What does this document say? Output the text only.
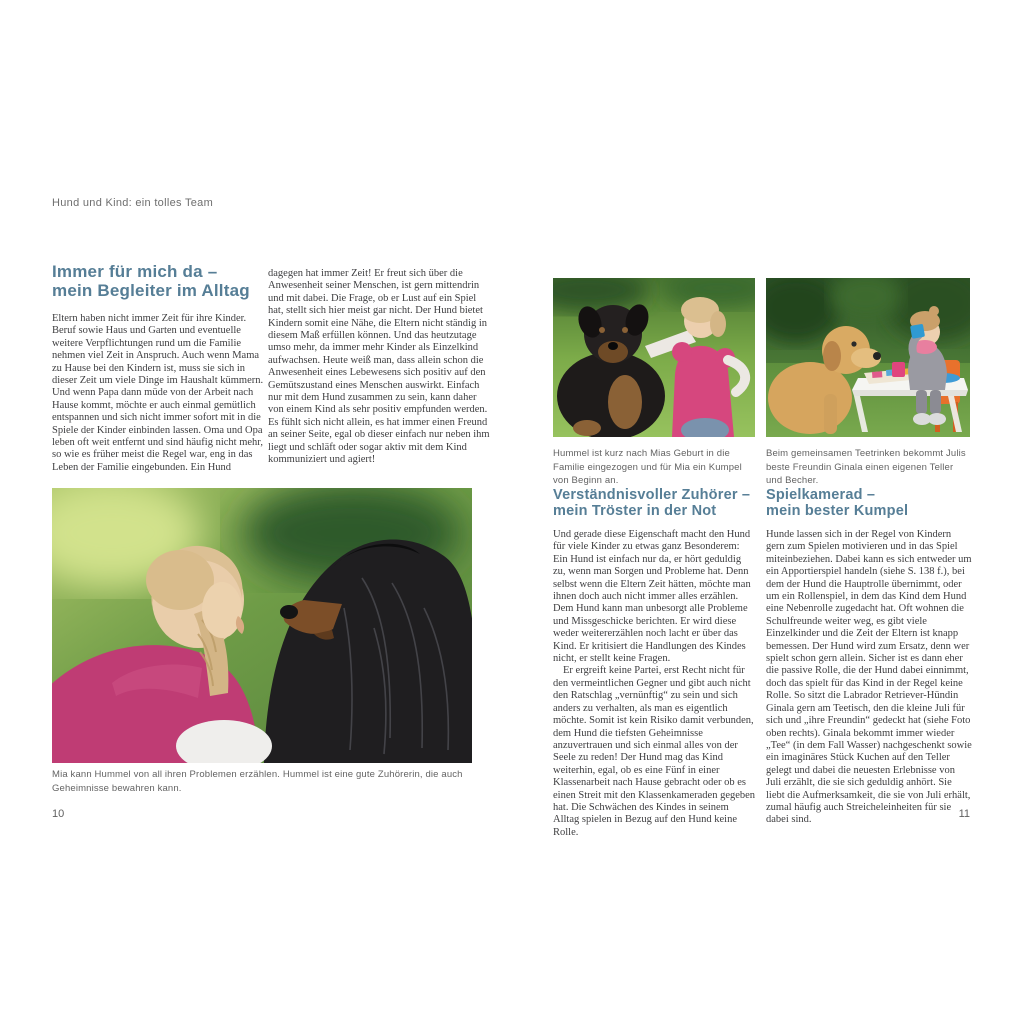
Hund und Kind: ein tolles Team
Immer für mich da –
mein Begleiter im Alltag
Eltern haben nicht immer Zeit für ihre Kinder. Beruf sowie Haus und Garten und eventuelle weitere Verpflichtungen rund um die Familie nehmen viel Zeit in Anspruch. Auch wenn Mama zu Hause bei den Kindern ist, muss sie sich in dieser Zeit um viele Dinge im Haushalt kümmern. Und wenn Papa dann müde von der Arbeit nach Hause kommt, möchte er auch einmal gemütlich entspannen und sich nicht immer sofort mit in die Spiele der Kinder einbinden lassen. Oma und Opa leben oft weit entfernt und sind häufig nicht mehr, so wie es früher meist die Regel war, eng in das Leben der Familie eingebunden. Ein Hund
dagegen hat immer Zeit! Er freut sich über die Anwesenheit seiner Menschen, ist gern mittendrin und mit dabei. Die Frage, ob er Lust auf ein Spiel hat, stellt sich hier meist gar nicht. Der Hund bietet Kindern somit eine Nähe, die Eltern nicht ständig in diesem Maß erfüllen können. Und das heutzutage umso mehr, da immer mehr Kinder als Einzelkind aufwachsen. Heute weiß man, dass allein schon die Anwesenheit eines Lebewesens sich positiv auf den Gemütszustand eines Menschen auswirkt. Einfach nur mit dem Hund zusammen zu sein, kann daher von einem Kind als sehr positiv empfunden werden. Es fühlt sich nicht allein, es hat immer einen Freund an seiner Seite, egal ob dieser einfach nur neben ihm liegt und schläft oder sogar aktiv mit dem Kind kommuniziert und agiert!
Mia kann Hummel von all ihren Problemen erzählen. Hummel ist eine gute Zuhörerin, die auch Geheimnisse bewahren kann.
10
Hummel ist kurz nach Mias Geburt in die Familie eingezogen und für Mia ein Kumpel von Beginn an.
Beim gemeinsamen Teetrinken bekommt Julis beste Freundin Ginala einen eigenen Teller und Becher.
Verständnisvoller Zuhörer –
mein Tröster in der Not
Spielkamerad –
mein bester Kumpel

Und gerade diese Eigenschaft macht den Hund für viele Kinder zu etwas ganz Besonderem: Ein Hund ist einfach nur da, er hört geduldig zu, wenn man Sorgen und Probleme hat. Denn selbst wenn die Eltern Zeit hätten, möchte man ihnen doch auch nicht immer alles erzählen. Dem Hund kann man unbesorgt alle Probleme und Missgeschicke berichten. Er wird diese weder weitererzählen noch lacht er über das Kind. Er kritisiert die Handlungen des Kindes nicht, er stellt keine Fragen.

Er ergreift keine Partei, erst Recht nicht für den vermeintlichen Gegner und gibt auch nicht den Ratschlag „vernünftig“ zu sein und sich anders zu verhalten, als man es eigentlich möchte. Somit ist kein Risiko damit verbunden, dem Hund die tiefsten Geheimnisse anzuvertrauen und sich einmal alles von der Seele zu reden! Der Hund mag das Kind weiterhin, egal, ob es eine Fünf in einer Klassenarbeit nach Hause gebracht oder ob es einen Streit mit den Klassenkameraden gegeben hat. Die Schwächen des Kindes in seinem Alltag spielen in Bezug auf den Hund keine Rolle.

Hunde lassen sich in der Regel von Kindern gern zum Spielen motivieren und in das Spiel miteinbeziehen. Dabei kann es sich entweder um ein Apportierspiel handeln (siehe S. 138 f.), bei dem der Hund die Hauptrolle übernimmt, oder um ein Rollenspiel, in dem das Kind dem Hund eine Nebenrolle zugedacht hat. Oft wohnen die Schulfreunde weiter weg, es gibt viele Einzelkinder und die Zeit der Eltern ist knapp bemessen. Der Hund wird zum Ersatz, denn wer spielt schon gern allein. Sicher ist es dann eher die passive Rolle, die der Hund dabei einnimmt, doch das spielt für das Kind in der Regel keine Rolle. So sitzt die Labrador Retriever-Hündin Ginala gern am Teetisch, den die kleine Juli für sich und „ihre Freundin“ gedeckt hat (siehe Foto oben rechts). Ginala bekommt immer wieder „Tee“ (in dem Fall Wasser) nachgeschenkt sowie ein imaginäres Stück Kuchen auf den Teller gelegt und dabei die neuesten Erlebnisse von Juli erzählt, die sie sich geduldig anhört. Sie liebt die Aufmerksamkeit, die sie von Juli erhält, zumal häufig auch Streicheleinheiten für sie dabei sind.	11
